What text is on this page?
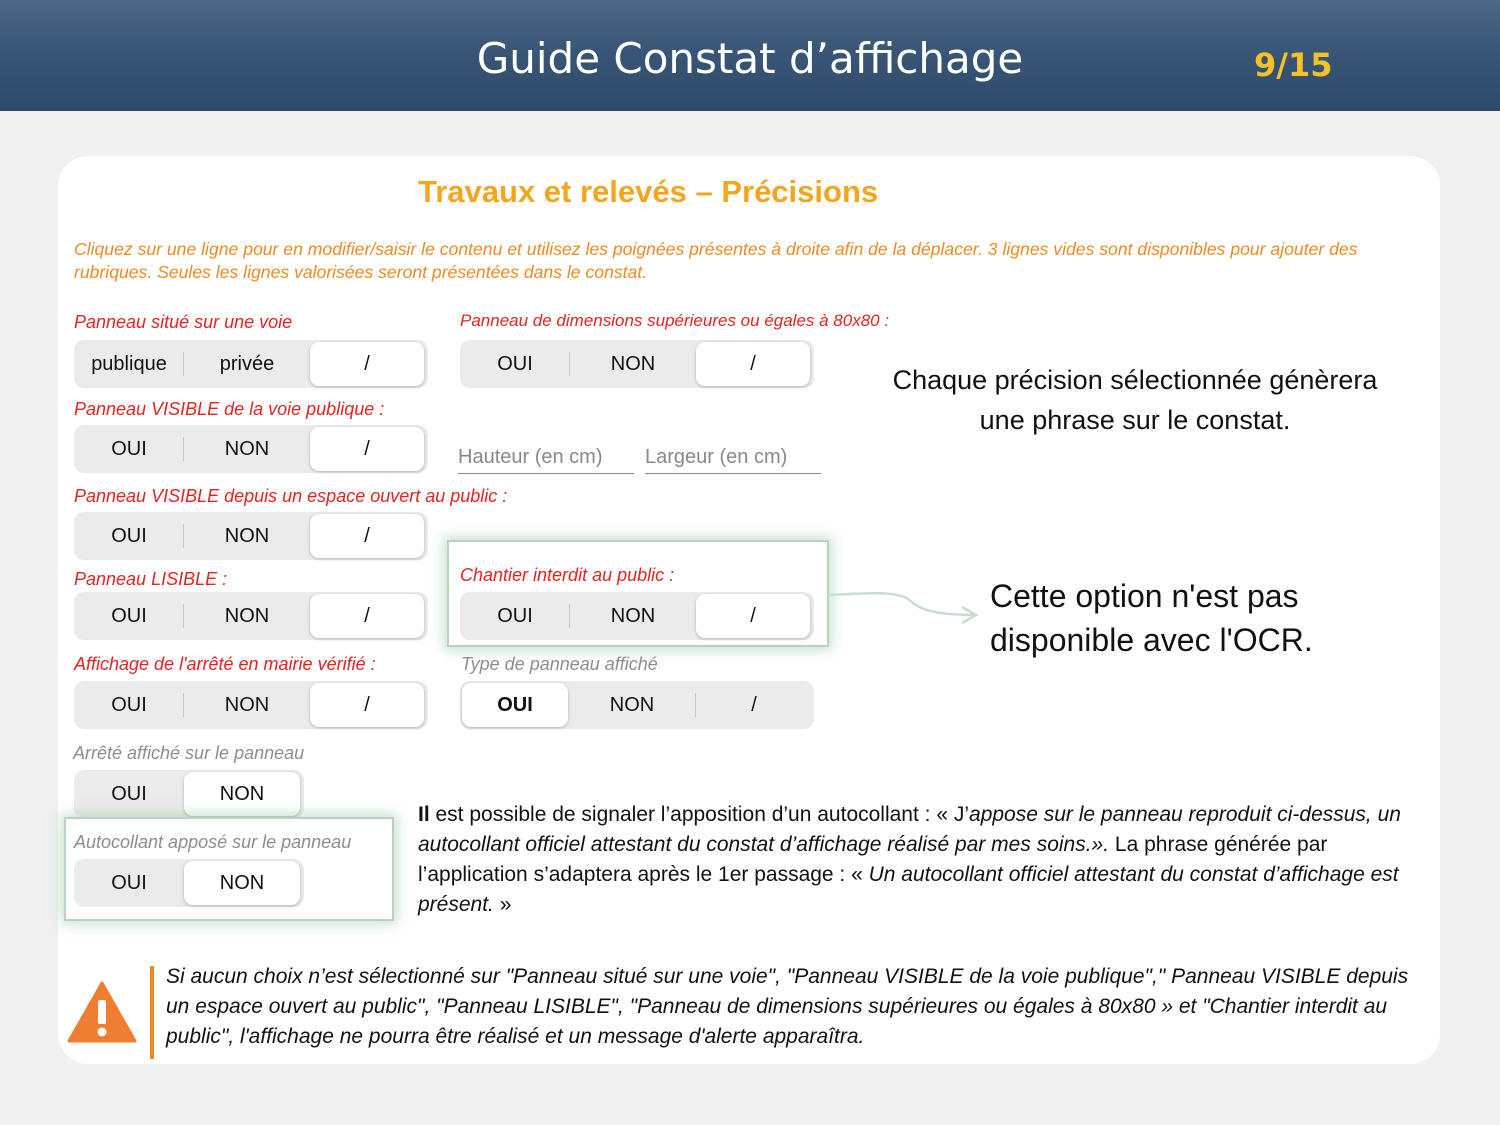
Guide Constat d’affichage	9/15
Travaux et relevés – Précisions
Cliquez sur une ligne pour en modifier/saisir le contenu et utilisez les poignées présentes à droite afin de la déplacer. 3 lignes vides sont disponibles pour ajouter des rubriques. Seules les lignes valorisées seront présentées dans le constat.
Panneau situé sur une voie
publique	privée	/
Panneau VISIBLE de la voie publique :
OUI	NON	/
Panneau VISIBLE depuis un espace ouvert au public :
OUI	NON	/
Panneau LISIBLE :
OUI	NON	/
Affichage de l'arrêté en mairie vérifié :
OUI	NON	/
Arrêté affiché sur le panneau
OUI	NON
Autocollant apposé sur le panneau
OUI	NON
Panneau de dimensions supérieures ou égales à 80x80 :
OUI	NON	/
Hauteur (en cm)	Largeur (en cm)
Chantier interdit au public :
OUI	NON	/
Type de panneau affiché
OUI	NON	/
Chaque précision sélectionnée génèrera une phrase sur le constat.
Cette option n'est pas disponible avec l'OCR.
Il est possible de signaler l’apposition d’un autocollant : « J’appose sur le panneau reproduit ci-dessus, un autocollant officiel attestant du constat d’affichage réalisé par mes soins.». La phrase générée par l’application s’adaptera après le 1er passage : « Un autocollant officiel attestant du constat d’affichage est présent. »
Si aucun choix n’est sélectionné sur "Panneau situé sur une voie", "Panneau VISIBLE de la voie publique"," Panneau VISIBLE depuis un espace ouvert au public", "Panneau LISIBLE", "Panneau de dimensions supérieures ou égales à 80x80 » et "Chantier interdit au public", l'affichage ne pourra être réalisé et un message d'alerte apparaîtra.
